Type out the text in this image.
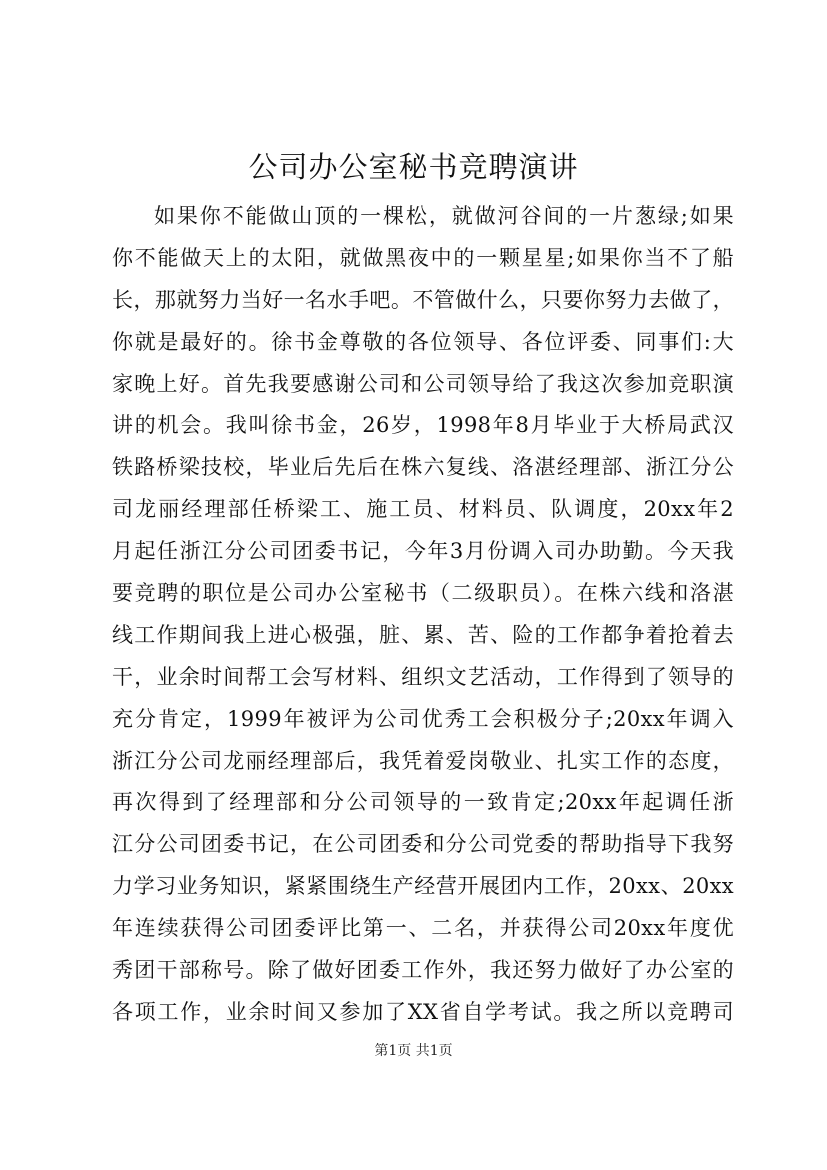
公司办公室秘书竞聘演讲
如果你不能做山顶的一棵松，就做河谷间的一片葱绿;如果
你不能做天上的太阳，就做黑夜中的一颗星星;如果你当不了船
长，那就努力当好一名水手吧。不管做什么，只要你努力去做了，
你就是最好的。徐书金尊敬的各位领导、各位评委、同事们:大
家晚上好。首先我要感谢公司和公司领导给了我这次参加竞职演
讲的机会。我叫徐书金，26岁，1998年8月毕业于大桥局武汉
铁路桥梁技校，毕业后先后在株六复线、洛湛经理部、浙江分公
司龙丽经理部任桥梁工、施工员、材料员、队调度，20xx年2
月起任浙江分公司团委书记，今年3月份调入司办助勤。今天我
要竞聘的职位是公司办公室秘书（二级职员）。在株六线和洛湛
线工作期间我上进心极强，脏、累、苦、险的工作都争着抢着去
干，业余时间帮工会写材料、组织文艺活动，工作得到了领导的
充分肯定，1999年被评为公司优秀工会积极分子;20xx年调入
浙江分公司龙丽经理部后，我凭着爱岗敬业、扎实工作的态度，
再次得到了经理部和分公司领导的一致肯定;20xx年起调任浙
江分公司团委书记，在公司团委和分公司党委的帮助指导下我努
力学习业务知识，紧紧围绕生产经营开展团内工作，20xx、20xx
年连续获得公司团委评比第一、二名，并获得公司20xx年度优
秀团干部称号。除了做好团委工作外，我还努力做好了办公室的
各项工作，业余时间又参加了XX省自学考试。我之所以竞聘司
第1页 共1页
